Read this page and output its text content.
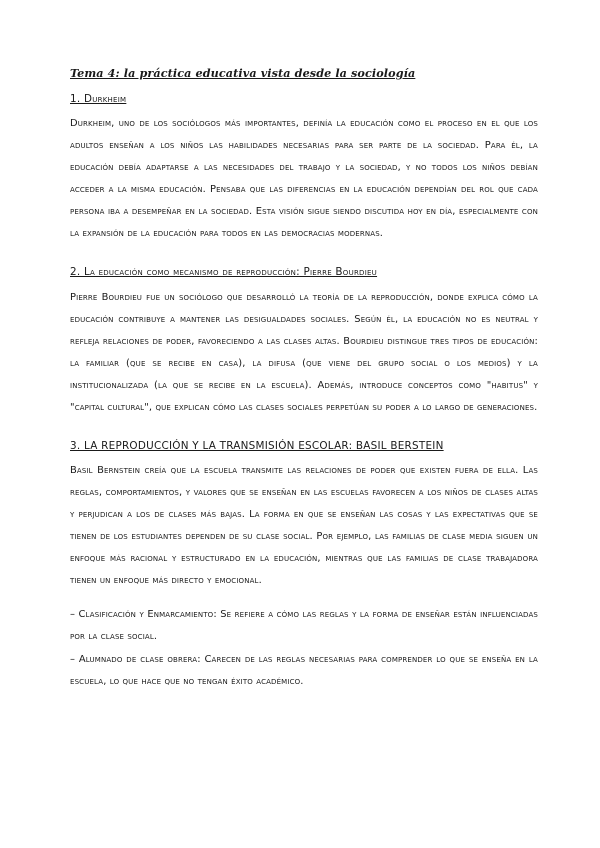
Tema 4: la práctica educativa vista desde la sociología
1. Durkheim

Durkheim, uno de los sociólogos más importantes, definía la educación como el proceso en el que los adultos enseñan a los niños las habilidades necesarias para ser parte de la sociedad. Para él, la educación debía adaptarse a las necesidades del trabajo y la sociedad, y no todos los niños debían acceder a la misma educación. Pensaba que las diferencias en la educación dependían del rol que cada persona iba a desempeñar en la sociedad. Esta visión sigue siendo discutida hoy en día, especialmente con la expansión de la educación para todos en las democracias modernas.

2. La educación como mecanismo de reproducción: Pierre Bourdieu

Pierre Bourdieu fue un sociólogo que desarrolló la teoría de la reproducción, donde explica cómo la educación contribuye a mantener las desigualdades sociales. Según él, la educación no es neutral y refleja relaciones de poder, favoreciendo a las clases altas. Bourdieu distingue tres tipos de educación: la familiar (que se recibe en casa), la difusa (que viene del grupo social o los medios) y la institucionalizada (la que se recibe en la escuela). Además, introduce conceptos como "habitus" y "capital cultural", que explican cómo las clases sociales perpetúan su poder a lo largo de generaciones.

3. LA REPRODUCCIÓN Y LA TRANSMISIÓN ESCOLAR: BASIL BERSTEIN

Basil Bernstein creía que la escuela transmite las relaciones de poder que existen fuera de ella. Las reglas, comportamientos, y valores que se enseñan en las escuelas favorecen a los niños de clases altas y perjudican a los de clases más bajas. La forma en que se enseñan las cosas y las expectativas que se tienen de los estudiantes dependen de su clase social. Por ejemplo, las familias de clase media siguen un enfoque más racional y estructurado en la educación, mientras que las familias de clase trabajadora tienen un enfoque más directo y emocional.

– Clasificación y Enmarcamiento: Se refiere a cómo las reglas y la forma de enseñar están influenciadas por la clase social.

– Alumnado de clase obrera: Carecen de las reglas necesarias para comprender lo que se enseña en la escuela, lo que hace que no tengan éxito académico.
